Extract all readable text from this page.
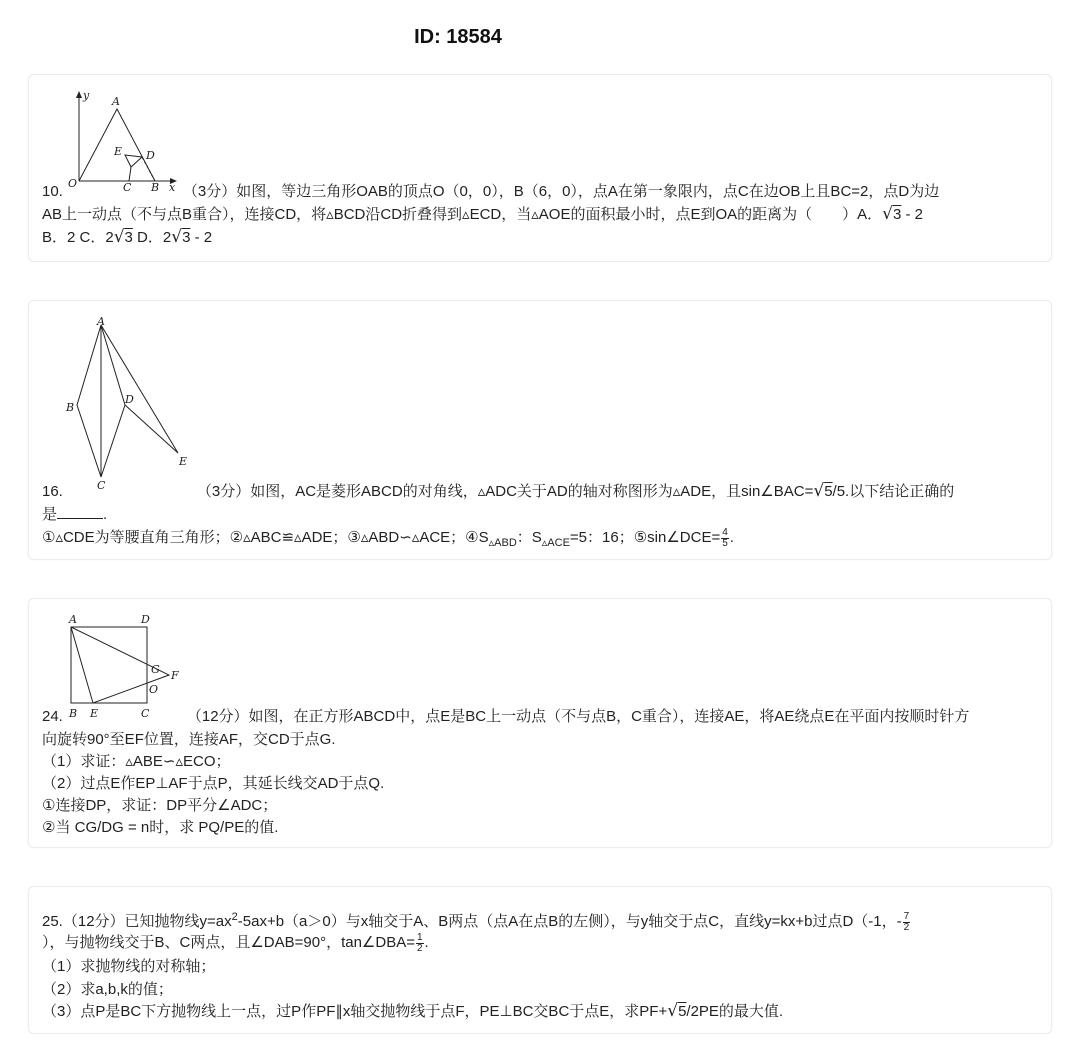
ID: 18584
y A
E D
O	C B x
10.	（3分）如图，等边三角形OAB的顶点O（0，0），B（6，0），点A在第一象限内，点C在边OB上且BC=2，点D为边
AB上一动点（不与点B重合），连接CD，将▵BCD沿CD折叠得到▵ECD，当▵AOE的面积最小时，点E到OA的距离为（　　）A．√3 - 2
B．2 C．2√3 D．2√3 - 2
A
B
D
E
C
16.	（3分）如图，AC是菱形ABCD的对角线，▵ADC关于AD的轴对称图形为▵ADE，且sin∠BAC=√5/5.以下结论正确的
是	.
①▵CDE为等腰直角三角形；②▵ABC≌▵ADE；③▵ABD∽▵ACE；$④S_{▵ABD}$：$S_{▵ACE}=5$：16；⑤sin∠DCE= $\frac{4}{5}$ .
A	D
G F
O
B E	C
24.	（12分）如图，在正方形ABCD中，点E是BC上一动点（不与点B，C重合），连接AE，将AE绕点E在平面内按顺时针方
向旋转90°至EF位置，连接AF，交CD于点G.
（1）求证：▵ABE∽▵ECO；
（2）过点E作EP⊥AF于点P，其延长线交AD于点Q.
①连接DP，求证：DP平分∠ADC；
②当 CG/DG = n时，求 PQ/PE的值.
25.（12分）已知抛物线$y=ax^2-5ax+b(a>0)$与x轴交于A、B两点（点A在点B的左侧），与y轴交于点C，直线y=kx+b过点D（-1，- $\frac{7}{2}$
），与抛物线交于B、C两点，且∠DAB=90°，tan∠DBA= $\frac{1}{2}$ .
（1）求抛物线的对称轴；
（2）求a,b,k的值；
（3）点P是BC下方抛物线上一点，过P作PF∥x轴交抛物线于点F，PE⊥BC交BC于点E，求PF+√5/2PE的最大值.
